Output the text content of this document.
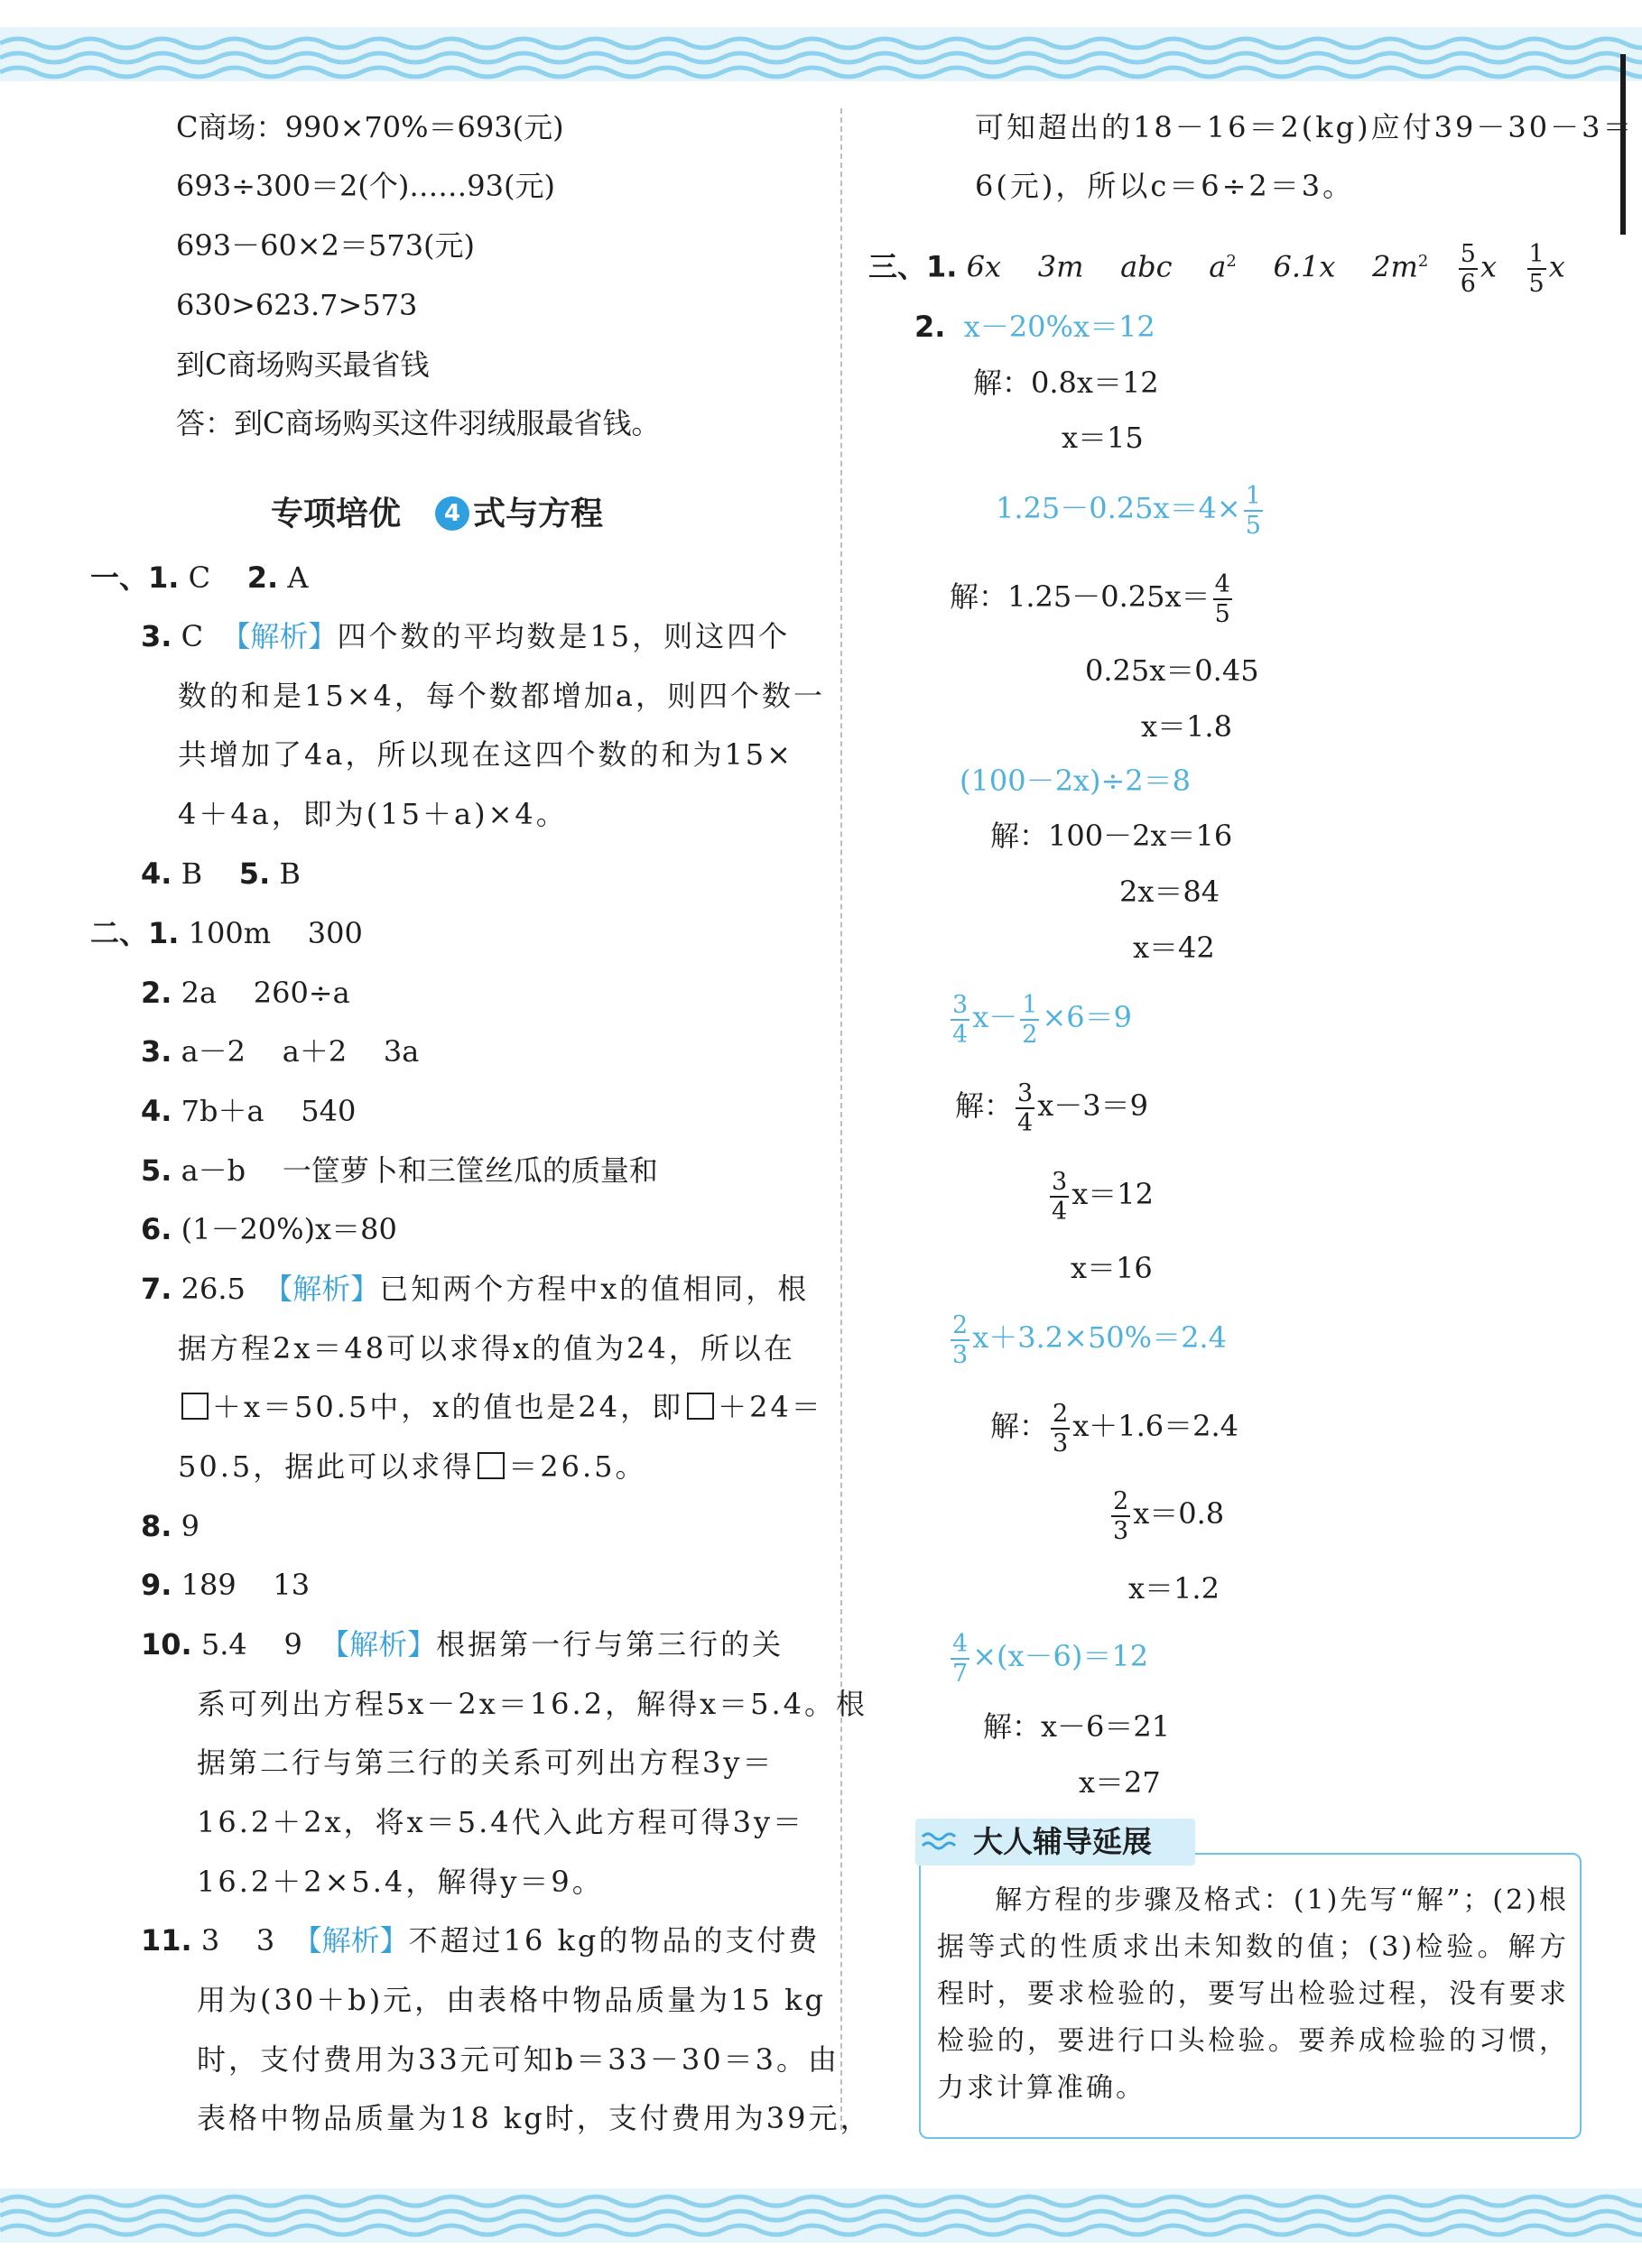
C商场：990×70%＝693(元)
693÷300＝2(个)……93(元)
693－60×2＝573(元)
630>623.7>573
到C商场购买最省钱
答：到C商场购买这件羽绒服最省钱。
专项培优 4 式与方程
一、1. C 2. A
3. C 【解析】四个数的平均数是15，则这四个
数的和是15×4，每个数都增加a，则四个数一
共增加了4a，所以现在这四个数的和为15×
4＋4a，即为(15＋a)×4。
4. B 5. B
二、1. 100m 300
2. 2a 260÷a
3. a－2 a＋2 3a
4. 7b＋a 540
5. a－b 一筐萝卜和三筐丝瓜的质量和
6. (1－20%)x＝80
7. 26.5 【解析】已知两个方程中x的值相同，根
据方程2x＝48可以求得x的值为24，所以在
＋x＝50.5中，x的值也是24，即 ＋24＝
50.5，据此可以求得 ＝26.5。
8. 9
9. 189 13
10. 5.4 9 【解析】根据第一行与第三行的关
系可列出方程5x－2x＝16.2，解得x＝5.4。根
据第二行与第三行的关系可列出方程3y＝
16.2＋2x，将x＝5.4代入此方程可得3y＝
16.2＋2×5.4，解得y＝9。
11. 3 3 【解析】不超过16 kg的物品的支付费
用为(30＋b)元，由表格中物品质量为15 kg
时，支付费用为33元可知b＝33－30＝3。由
表格中物品质量为18 kg时，支付费用为39元，
可知超出的18－16＝2(kg)应付39－30－3＝
6(元)，所以c＝6÷2＝3。
三、1. 6x 3m abc $a^2$ 6.1x $2m^2 \frac{5}{6}$ x $\frac{1}{5}$ x
2. x－20%x＝12
解：0.8x＝12
x＝15
$1.25-0.25x=4\times \frac{1}{5}$
解：$1.25-0.25x= \frac{4}{5}$
0.25x＝0.45
x＝1.8
(100－2x)÷2＝8
解：100－2x＝16
2x＝84
x＝42
$\frac{3}{4} x- \frac{1}{2} \times 6=9$
解： $\frac{3}{4} x-3=9$
$\frac{3}{4} x=12$
x＝16
$\frac{2}{3} x+3.2\times 50\%=2.4$
解： $\frac{2}{3} x+1.6=2.4$
$\frac{2}{3} x=0.8$
x＝1.2
$\frac{4}{7} \times(x-6)=12$
解：x－6＝21
x＝27
大人辅导延展
解方程的步骤及格式：(1)先写“解”；(2)根据等式的性质求出未知数的值；(3)检验。解方程时，要求检验的，要写出检验过程，没有要求检验的，要进行口头检验。要养成检验的习惯，力求计算准确。
